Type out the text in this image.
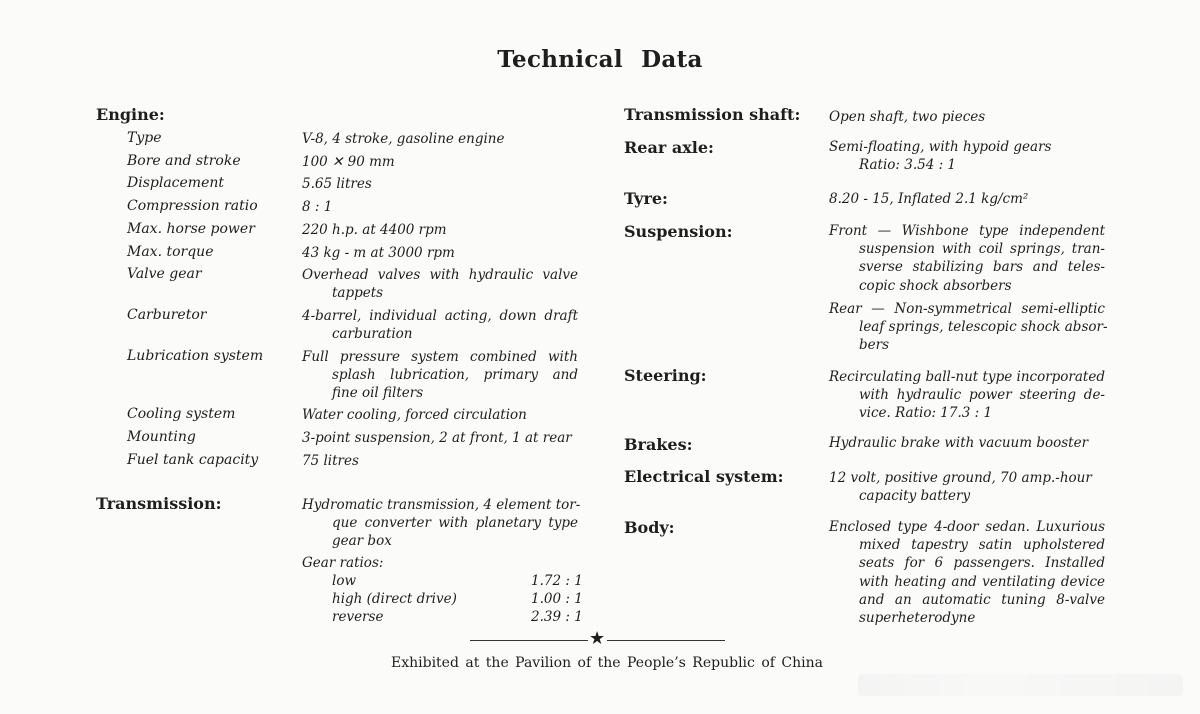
Technical Data
Engine:
Type	V-8, 4 stroke, gasoline engine
Bore and stroke	100 ✕ 90 mm
Displacement	5.65 litres
Compression ratio	8 : 1
Max. horse power	220 h.p. at 4400 rpm
Max. torque	43 kg - m at 3000 rpm
Valve gear	Overhead valves with hydraulic valve
tappets
Carburetor	4-barrel, individual acting, down draft
carburation
Lubrication system	Full pressure system combined with
splash lubrication, primary and
fine oil filters
Cooling system	Water cooling, forced circulation
Mounting	3-point suspension, 2 at front, 1 at rear
Fuel tank capacity	75 litres
Transmission:	Hydromatic transmission, 4 element tor-
que converter with planetary type
gear box
Gear ratios:
low	1.72 : 1
high (direct drive)	1.00 : 1
reverse	2.39 : 1
Transmission shaft: Open shaft, two pieces
Rear axle:	Semi-floating, with hypoid gears
Ratio: 3.54 : 1
Tyre:	8.20 - 15, Inflated 2.1 kg/cm²
Suspension:	Front — Wishbone type independent
suspension with coil springs, tran-
sverse stabilizing bars and teles-
copic shock absorbers
Rear — Non-symmetrical semi-elliptic
leaf springs, telescopic shock absor-
bers
Steering:	Recirculating ball-nut type incorporated
with hydraulic power steering de-
vice. Ratio: 17.3 : 1
Brakes:	Hydraulic brake with vacuum booster
Electrical system:	12 volt, positive ground, 70 amp.-hour
capacity battery
Body:	Enclosed type 4-door sedan. Luxurious
mixed tapestry satin upholstered
seats for 6 passengers. Installed
with heating and ventilating device
and an automatic tuning 8-valve
superheterodyne
★
Exhibited at the Pavilion of the People’s Republic of China
